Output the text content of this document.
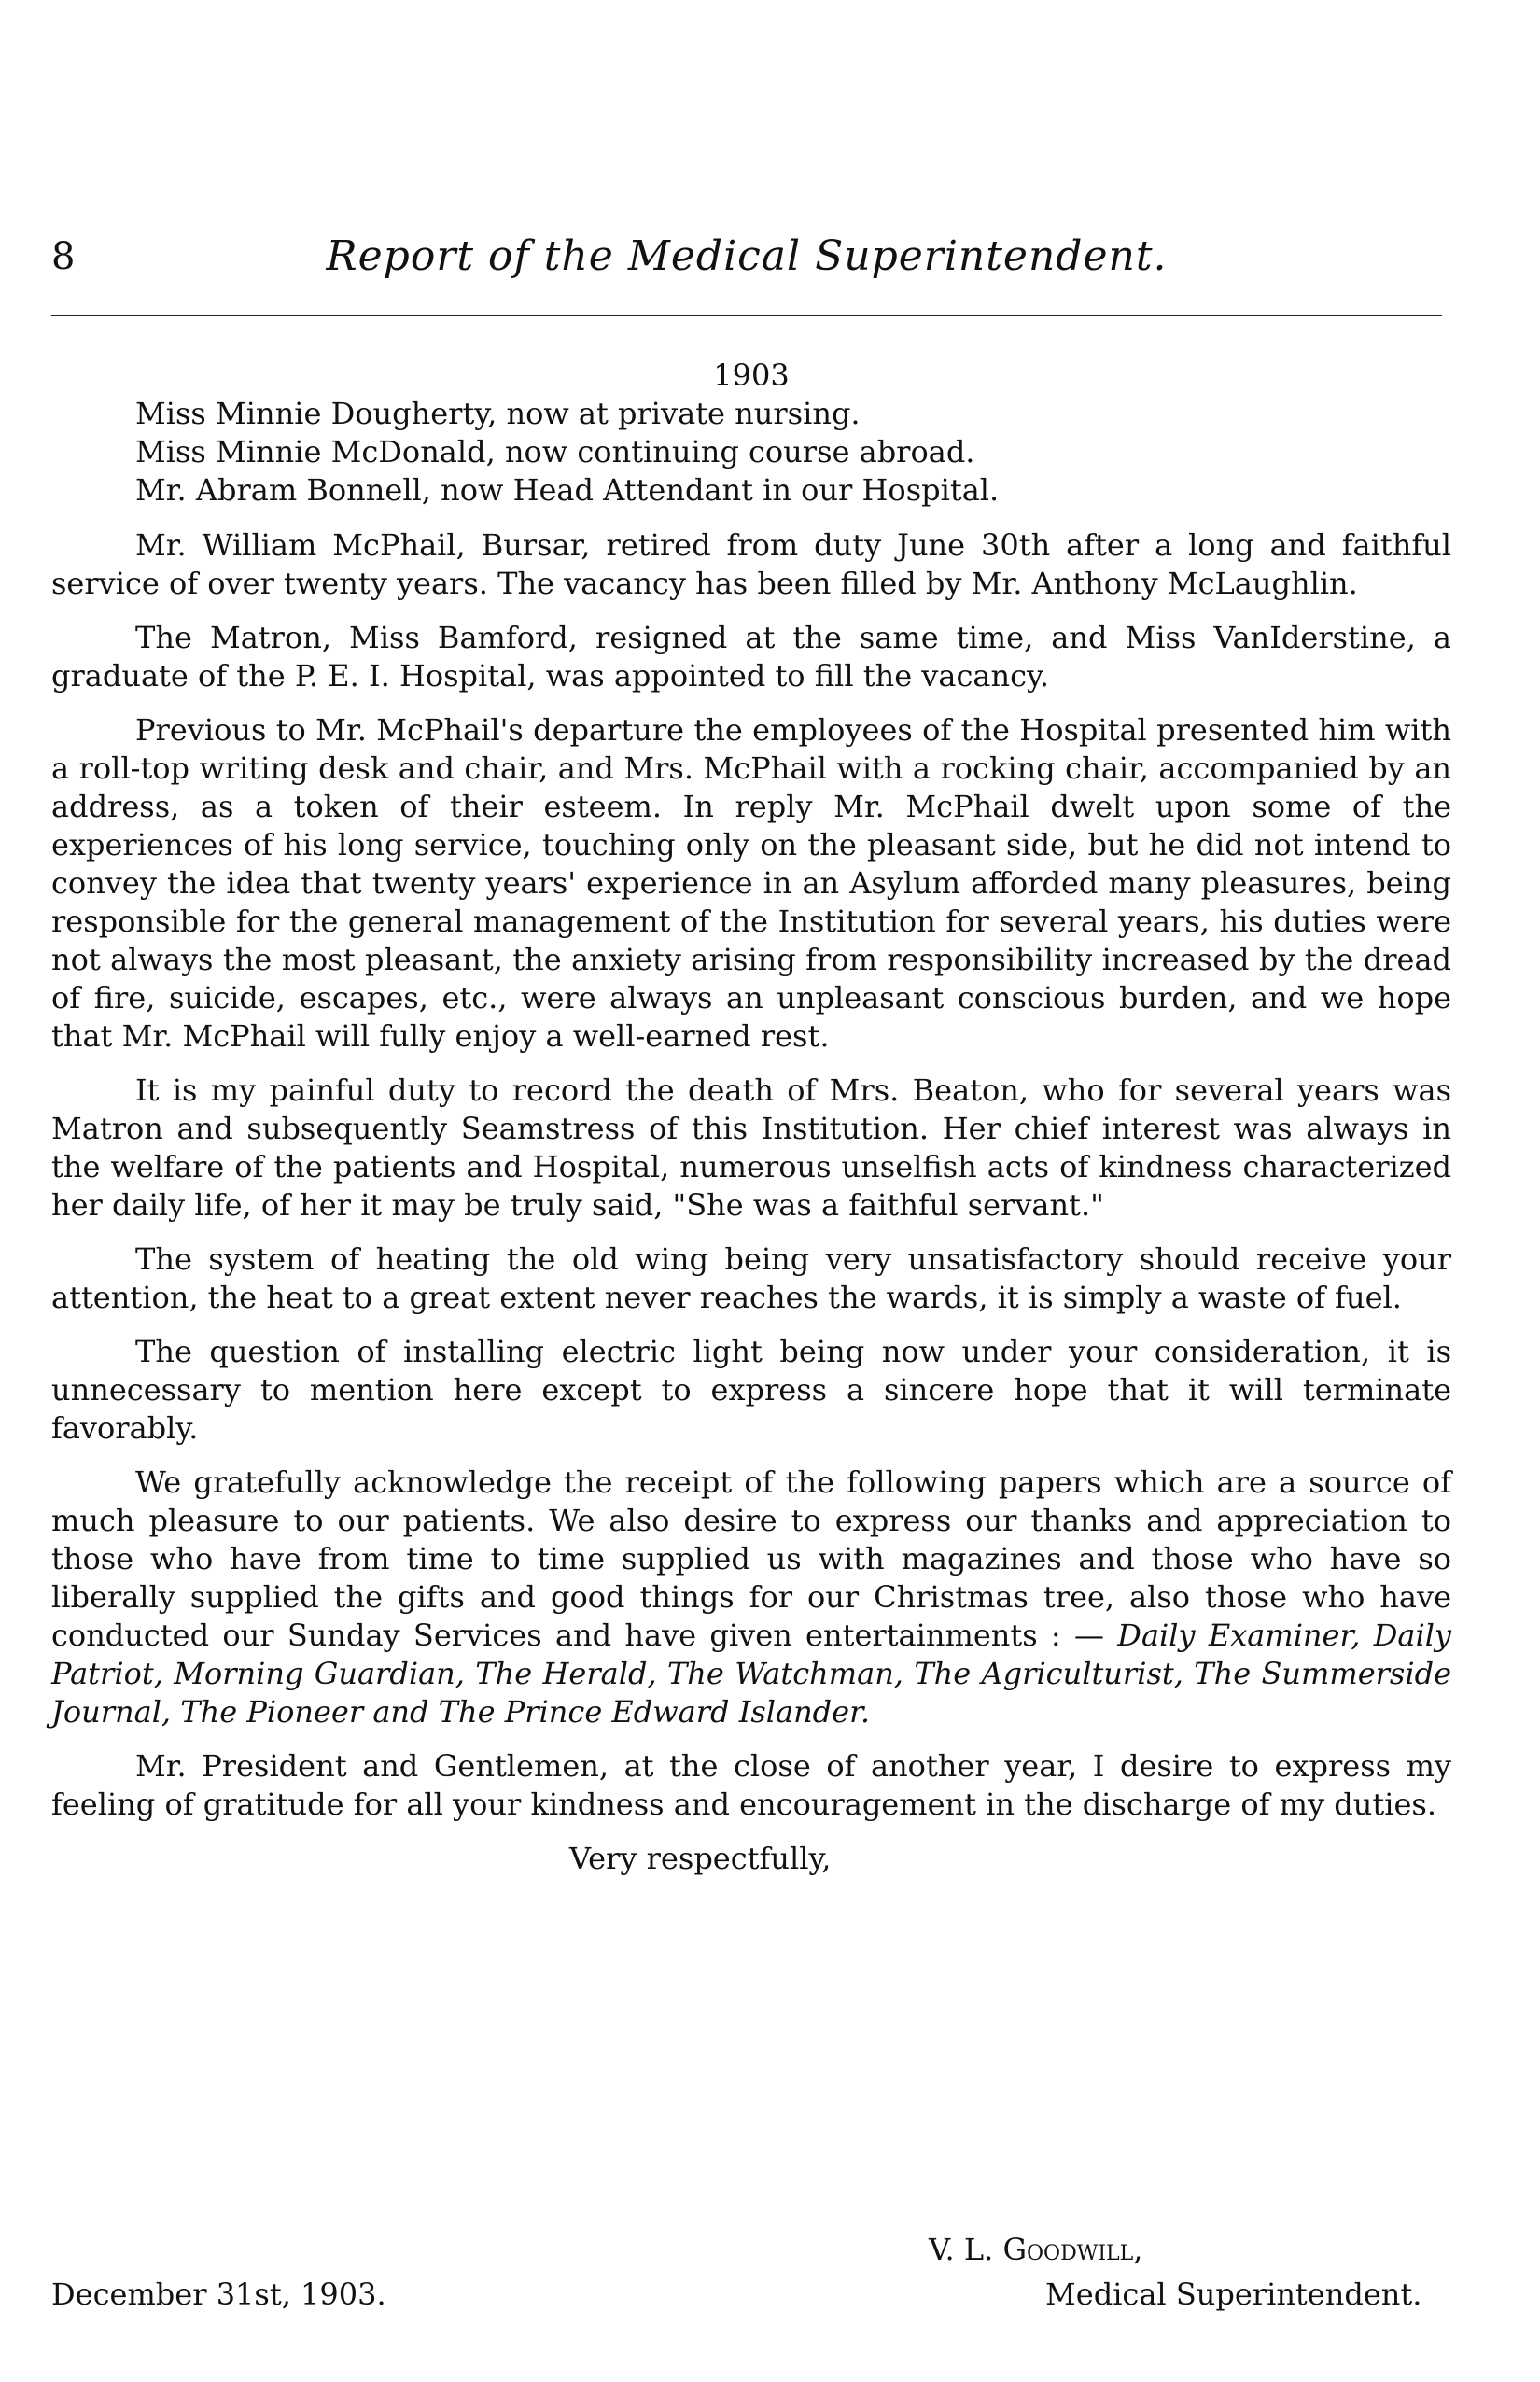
8	Report of the Medical Superintendent.
1903
Miss Minnie Dougherty, now at private nursing.
Miss Minnie McDonald, now continuing course abroad.
Mr. Abram Bonnell, now Head Attendant in our Hospital.

Mr. William McPhail, Bursar, retired from duty June 30th after a long and faithful service of over twenty years. The vacancy has been filled by Mr. Anthony McLaughlin.

The Matron, Miss Bamford, resigned at the same time, and Miss VanIderstine, a graduate of the P. E. I. Hospital, was appointed to fill the vacancy.

Previous to Mr. McPhail's departure the employees of the Hospital presented him with a roll-top writing desk and chair, and Mrs. McPhail with a rocking chair, accompanied by an address, as a token of their esteem. In reply Mr. McPhail dwelt upon some of the experiences of his long service, touching only on the pleasant side, but he did not intend to convey the idea that twenty years' experience in an Asylum afforded many pleasures, being responsible for the general management of the Institution for several years, his duties were not always the most pleasant, the anxiety arising from responsibility increased by the dread of fire, suicide, escapes, etc., were always an unpleasant conscious burden, and we hope that Mr. McPhail will fully enjoy a well-earned rest.

It is my painful duty to record the death of Mrs. Beaton, who for several years was Matron and subsequently Seamstress of this Institution. Her chief interest was always in the welfare of the patients and Hospital, numerous unselfish acts of kindness characterized her daily life, of her it may be truly said, "She was a faithful servant."

The system of heating the old wing being very unsatisfactory should receive your attention, the heat to a great extent never reaches the wards, it is simply a waste of fuel.

The question of installing electric light being now under your consideration, it is unnecessary to mention here except to express a sincere hope that it will terminate favorably.

We gratefully acknowledge the receipt of the following papers which are a source of much pleasure to our patients. We also desire to express our thanks and appreciation to those who have from time to time supplied us with magazines and those who have so liberally supplied the gifts and good things for our Christmas tree, also those who have conducted our Sunday Services and have given entertainments : — Daily Examiner, Daily Patriot, Morning Guardian, The Herald, The Watchman, The Agriculturist, The Summerside Journal, The Pioneer and The Prince Edward Islander.

Mr. President and Gentlemen, at the close of another year, I desire to express my feeling of gratitude for all your kindness and encouragement in the discharge of my duties.

Very respectfully,
December 31st, 1903.
V. L. Goodwill,
Medical Superintendent.
